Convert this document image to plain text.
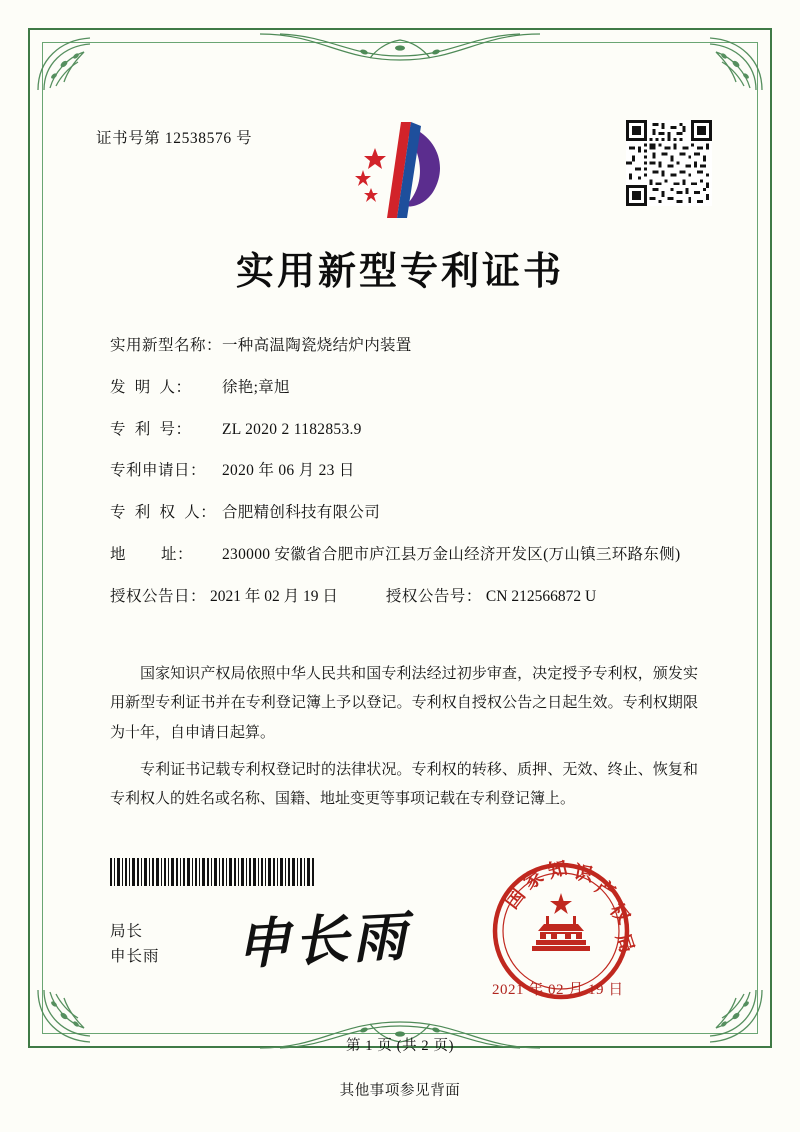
证书号第 12538576 号
实用新型专利证书
实用新型名称： 一种高温陶瓷烧结炉内装置
发  明  人：	徐艳;章旭
专  利  号：	ZL 2020 2 1182853.9
专利申请日：	2020 年 06 月 23 日
专  利  权  人： 合肥精创科技有限公司
地        址：	230000 安徽省合肥市庐江县万金山经济开发区(万山镇三环路东侧)
授权公告日： 2021 年 02 月 19 日	授权公告号： CN 212566872 U

国家知识产权局依照中华人民共和国专利法经过初步审查，决定授予专利权，颁发实用新型专利证书并在专利登记簿上予以登记。专利权自授权公告之日起生效。专利权期限为十年，自申请日起算。

专利证书记载专利权登记时的法律状况。专利权的转移、质押、无效、终止、恢复和专利权人的姓名或名称、国籍、地址变更等事项记载在专利登记簿上。

局长
申长雨 申长雨
国
家
知 识
产
权
局
2021 年 02 月 19 日
第 1 页 (共 2 页)
其他事项参见背面
